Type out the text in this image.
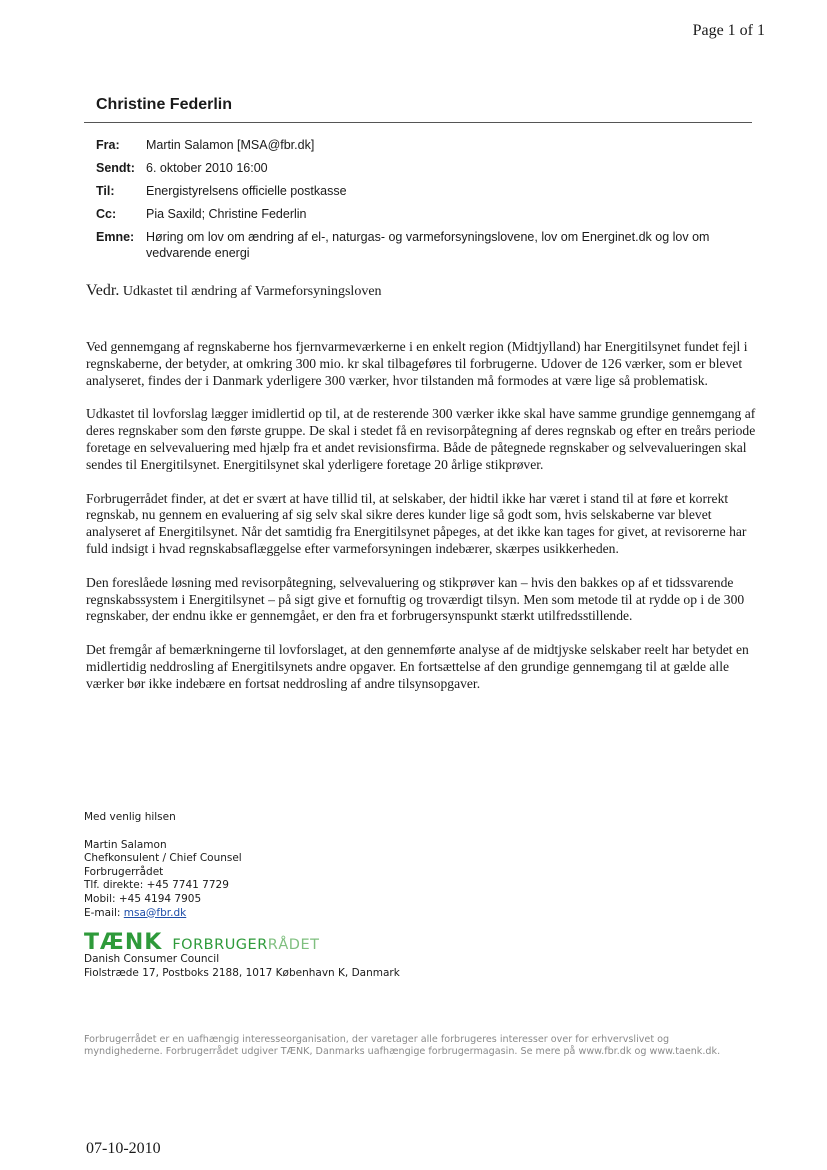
Page 1 of 1
Christine Federlin
Fra:	Martin Salamon [MSA@fbr.dk]
Sendt: 6. oktober 2010 16:00
Til:	Energistyrelsens officielle postkasse
Cc:	Pia Saxild; Christine Federlin
Emne: Høring om lov om ændring af el-, naturgas- og varmeforsyningslovene, lov om Energinet.dk og lov om vedvarende energi
Vedr. Udkastet til ændring af Varmeforsyningsloven

Ved gennemgang af regnskaberne hos fjernvarmeværkerne i en enkelt region (Midtjylland) har Energitilsynet fundet fejl i regnskaberne, der betyder, at omkring 300 mio. kr skal tilbageføres til forbrugerne. Udover de 126 værker, som er blevet analyseret, findes der i Danmark yderligere 300 værker, hvor tilstanden må formodes at være lige så problematisk.

Udkastet til lovforslag lægger imidlertid op til, at de resterende 300 værker ikke skal have samme grundige gennemgang af deres regnskaber som den første gruppe. De skal i stedet få en revisorpåtegning af deres regnskab og efter en treårs periode foretage en selvevaluering med hjælp fra et andet revisionsfirma. Både de påtegnede regnskaber og selvevalueringen skal sendes til Energitilsynet. Energitilsynet skal yderligere foretage 20 årlige stikprøver.

Forbrugerrådet finder, at det er svært at have tillid til, at selskaber, der hidtil ikke har været i stand til at føre et korrekt regnskab, nu gennem en evaluering af sig selv skal sikre deres kunder lige så godt som, hvis selskaberne var blevet analyseret af Energitilsynet. Når det samtidig fra Energitilsynet påpeges, at det ikke kan tages for givet, at revisorerne har fuld indsigt i hvad regnskabsaflæggelse efter varmeforsyningen indebærer, skærpes usikkerheden.

Den foreslåede løsning med revisorpåtegning, selvevaluering og stikprøver kan – hvis den bakkes op af et tidssvarende regnskabssystem i Energitilsynet – på sigt give et fornuftig og troværdigt tilsyn. Men som metode til at rydde op i de 300 regnskaber, der endnu ikke er gennemgået, er den fra et forbrugersynspunkt stærkt utilfredsstillende.

Det fremgår af bemærkningerne til lovforslaget, at den gennemførte analyse af de midtjyske selskaber reelt har betydet en midlertidig neddrosling af Energitilsynets andre opgaver. En fortsættelse af den grundige gennemgang til at gælde alle værker bør ikke indebære en fortsat neddrosling af andre tilsynsopgaver.

Med venlig hilsen
Martin Salamon
Chefkonsulent / Chief Counsel
Forbrugerrådet
Tlf. direkte: +45 7741 7729
Mobil: +45 4194 7905
E-mail: msa@fbr.dk
TÆNK FORBRUGERRÅDET
Danish Consumer Council
Fiolstræde 17, Postboks 2188, 1017 København K, Danmark
Forbrugerrådet er en uafhængig interesseorganisation, der varetager alle forbrugeres interesser over for erhvervslivet og myndighederne. Forbrugerrådet udgiver TÆNK, Danmarks uafhængige forbrugermagasin. Se mere på www.fbr.dk og www.taenk.dk.
07-10-2010
